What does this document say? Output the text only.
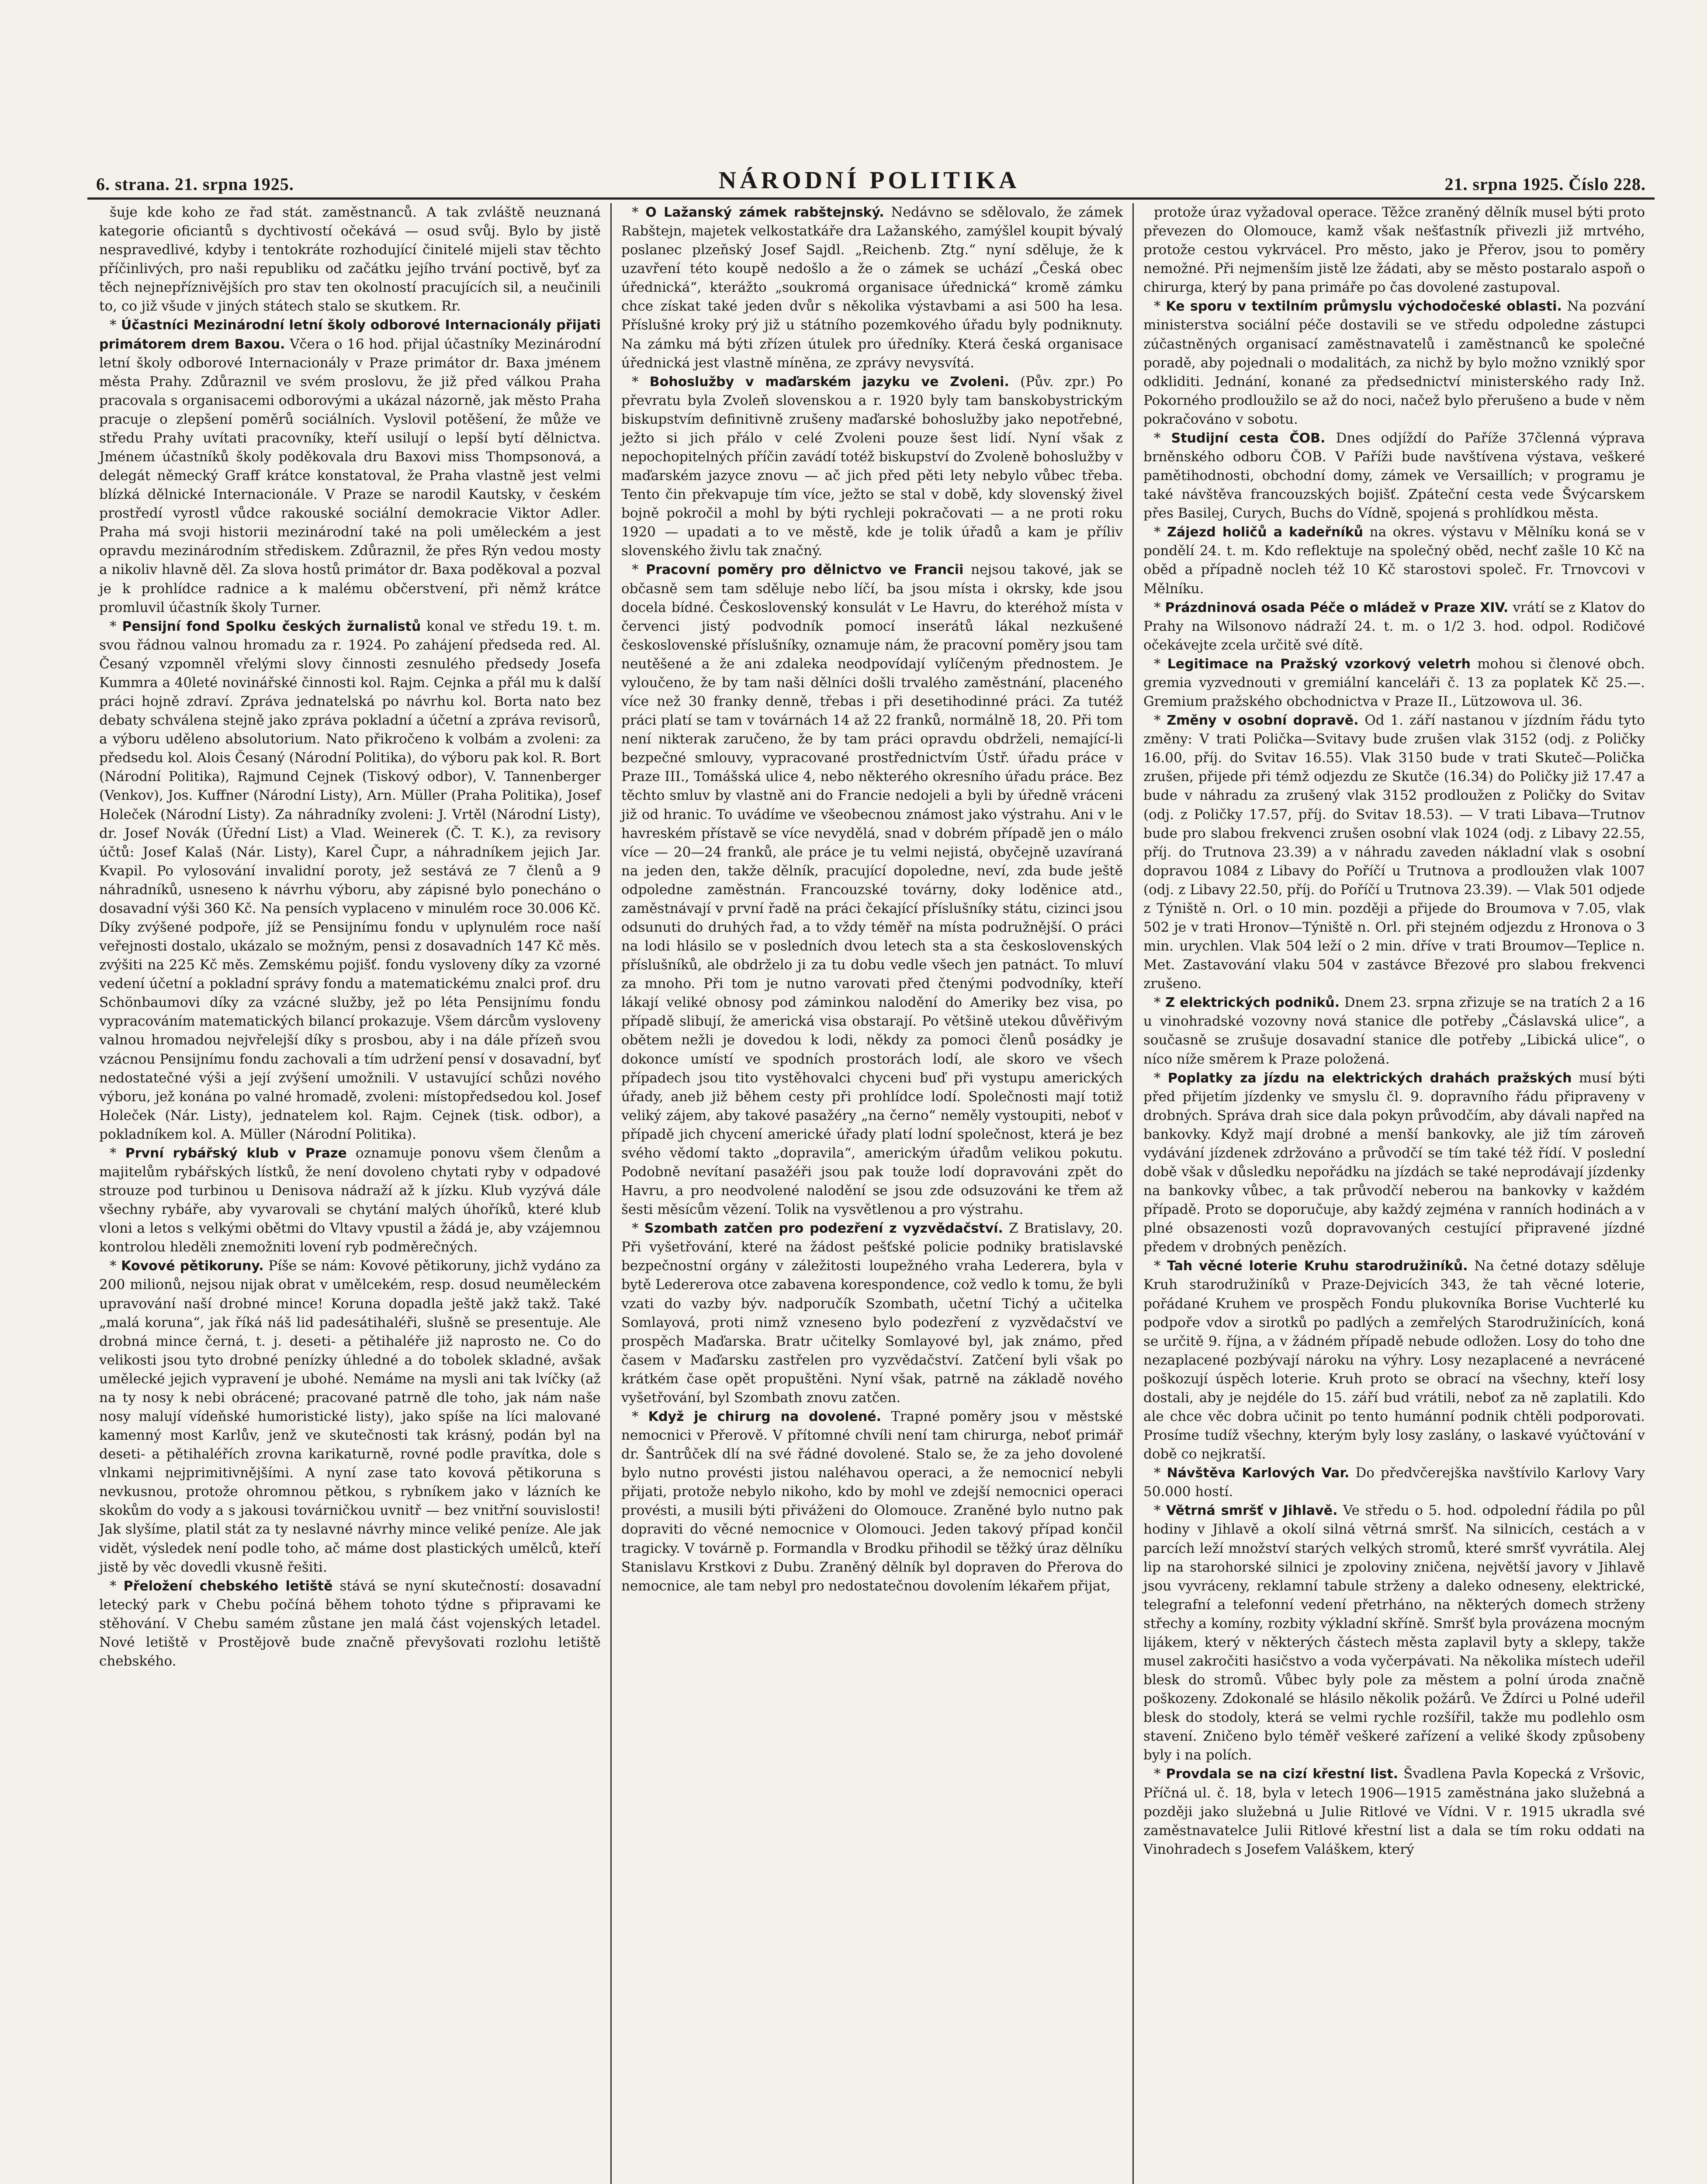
6. strana. 21. srpna 1925.	NÁRODNÍ POLITIKA	21. srpna 1925. Číslo 228.

šuje kde koho ze řad stát. zaměstnanců. A tak zvláště neuznaná kategorie oficiantů s dychtivostí očekává — osud svůj. Bylo by jistě nespravedlivé, kdyby i tentokráte rozhodující činitelé mijeli stav těchto příčinlivých, pro naši republiku od začátku jejího trvání poctivě, byť za těch nejnepříznivějších pro stav ten okolností pracujících sil, a neučinili to, co již všude v jiných státech stalo se skutkem. Rr.

* Účastníci Mezinárodní letní školy odborové Internacionály přijati primátorem drem Baxou. Včera o 16 hod. přijal účastníky Mezinárodní letní školy odborové Internacionály v Praze primátor dr. Baxa jménem města Prahy. Zdůraznil ve svém proslovu, že již před válkou Praha pracovala s organisacemi odborovými a ukázal názorně, jak město Praha pracuje o zlepšení poměrů sociálních. Vyslovil potěšení, že může ve středu Prahy uvítati pracovníky, kteří usilují o lepší bytí dělnictva. Jménem účastníků školy poděkovala dru Baxovi miss Thompsonová, a delegát německý Graff krátce konstatoval, že Praha vlastně jest velmi blízká dělnické Internacionále. V Praze se narodil Kautsky, v českém prostředí vyrostl vůdce rakouské sociální demokracie Viktor Adler. Praha má svoji historii mezinárodní také na poli uměleckém a jest opravdu mezinárodním střediskem. Zdůraznil, že přes Rýn vedou mosty a nikoliv hlavně děl. Za slova hostů primátor dr. Baxa poděkoval a pozval je k prohlídce radnice a k malému občerstvení, při němž krátce promluvil účastník školy Turner.

* Pensijní fond Spolku českých žurnalistů konal ve středu 19. t. m. svou řádnou valnou hromadu za r. 1924. Po zahájení předseda red. Al. Česaný vzpomněl vřelými slovy činnosti zesnulého předsedy Josefa Kummra a 40leté novinářské činnosti kol. Rajm. Cejnka a přál mu k další práci hojně zdraví. Zpráva jednatelská po návrhu kol. Borta nato bez debaty schválena stejně jako zpráva pokladní a účetní a zpráva revisorů, a výboru uděleno absolutorium. Nato přikročeno k volbám a zvoleni: za předsedu kol. Alois Česaný (Národní Politika), do výboru pak kol. R. Bort (Národní Politika), Rajmund Cejnek (Tiskový odbor), V. Tannenberger (Venkov), Jos. Kuffner (Národní Listy), Arn. Müller (Praha Politika), Josef Holeček (Národní Listy). Za náhradníky zvoleni: J. Vrtěl (Národní Listy), dr. Josef Novák (Úřední List) a Vlad. Weinerek (Č. T. K.), za revisory účtů: Josef Kalaš (Nár. Listy), Karel Čupr, a náhradníkem jejich Jar. Kvapil. Po vylosování invalidní poroty, jež sestává ze 7 členů a 9 náhradníků, usneseno k návrhu výboru, aby zápisné bylo ponecháno o dosavadní výši 360 Kč. Na pensích vyplaceno v minulém roce 30.006 Kč. Díky zvýšené podpoře, jíž se Pensijnímu fondu v uplynulém roce naší veřejnosti dostalo, ukázalo se možným, pensi z dosavadních 147 Kč měs. zvýšiti na 225 Kč měs. Zemskému pojišť. fondu vysloveny díky za vzorné vedení účetní a pokladní správy fondu a matematickému znalci prof. dru Schönbaumovi díky za vzácné služby, jež po léta Pensijnímu fondu vypracováním matematických bilancí prokazuje. Všem dárcům vysloveny valnou hromadou nejvřelejší díky s prosbou, aby i na dále přízeň svou vzácnou Pensijnímu fondu zachovali a tím udržení pensí v dosavadní, byť nedostatečné výši a její zvýšení umožnili. V ustavující schůzi nového výboru, jež konána po valné hromadě, zvoleni: místopředsedou kol. Josef Holeček (Nár. Listy), jednatelem kol. Rajm. Cejnek (tisk. odbor), a pokladníkem kol. A. Müller (Národní Politika).

* První rybářský klub v Praze oznamuje ponovu všem členům a majitelům rybářských lístků, že není dovoleno chytati ryby v odpadové strouze pod turbinou u Denisova nádraží až k jízku. Klub vyzývá dále všechny rybáře, aby vyvarovali se chytání malých úhoříků, které klub vloni a letos s velkými obětmi do Vltavy vpustil a žádá je, aby vzájemnou kontrolou hleděli znemožniti lovení ryb podměrečných.

* Kovové pětikoruny. Píše se nám: Kovové pětikoruny, jichž vydáno za 200 milionů, nejsou nijak obrat v umělcekém, resp. dosud neuměleckém upravování naší drobné mince! Koruna dopadla ještě jakž takž. Také „malá koruna“, jak říká náš lid padesátihaléři, slušně se presentuje. Ale drobná mince černá, t. j. deseti- a pětihaléře již naprosto ne. Co do velikosti jsou tyto drobné penízky úhledné a do tobolek skladné, avšak umělecké jejich vypravení je ubohé. Nemáme na mysli ani tak lvíčky (až na ty nosy k nebi obrácené; pracované patrně dle toho, jak nám naše nosy malují vídeňské humoristické listy), jako spíše na líci malované kamenný most Karlův, jenž ve skutečnosti tak krásný, podán byl na deseti- a pětihaléřích zrovna karikaturně, rovné podle pravítka, dole s vlnkami nejprimitivnějšími. A nyní zase tato kovová pětikoruna s nevkusnou, protože ohromnou pětkou, s rybníkem jako v lázních ke skokům do vody a s jakousi továrničkou uvnitř — bez vnitřní souvislosti! Jak slyšíme, platil stát za ty neslavné návrhy mince veliké peníze. Ale jak vidět, výsledek není podle toho, ač máme dost plastických umělců, kteří jistě by věc dovedli vkusně řešiti.

* Přeložení chebského letiště stává se nyní skutečností: dosavadní letecký park v Chebu počíná během tohoto týdne s připravami ke stěhování. V Chebu samém zůstane jen malá část vojenských letadel. Nové letiště v Prostějově bude značně převyšovati rozlohu letiště chebského.

* O Lažanský zámek rabštejnský. Nedávno se sdělovalo, že zámek Rabštejn, majetek velkostatkáře dra Lažanského, zamýšlel koupit bývalý poslanec plzeňský Josef Sajdl. „Reichenb. Ztg.“ nyní sděluje, že k uzavření této koupě nedošlo a že o zámek se uchází „Česká obec úřednická“, kterážto „soukromá organisace úřednická“ kromě zámku chce získat také jeden dvůr s několika výstavbami a asi 500 ha lesa. Příslušné kroky prý již u státního pozemkového úřadu byly podniknuty. Na zámku má býti zřízen útulek pro úředníky. Která česká organisace úřednická jest vlastně míněna, ze zprávy nevysvítá.

* Bohoslužby v maďarském jazyku ve Zvoleni. (Pův. zpr.) Po převratu byla Zvoleň slovenskou a r. 1920 byly tam banskobystrickým biskupstvím definitivně zrušeny maďarské bohoslužby jako nepotřebné, ježto si jich přálo v celé Zvoleni pouze šest lidí. Nyní však z nepochopitelných příčin zavádí totéž biskupství do Zvoleně bohoslužby v maďarském jazyce znovu — ač jich před pěti lety nebylo vůbec třeba. Tento čin překvapuje tím více, ježto se stal v době, kdy slovenský živel bojně pokročil a mohl by býti rychleji pokračovati — a ne proti roku 1920 — upadati a to ve městě, kde je tolik úřadů a kam je příliv slovenského živlu tak značný.

* Pracovní poměry pro dělnictvo ve Francii nejsou takové, jak se občasně sem tam sděluje nebo líčí, ba jsou místa i okrsky, kde jsou docela bídné. Československý konsulát v Le Havru, do kteréhož místa v červenci jistý podvodník pomocí inserátů lákal nezkušené československé příslušníky, oznamuje nám, že pracovní poměry jsou tam neutěšené a že ani zdaleka neodpovídají vylíčeným přednostem. Je vyloučeno, že by tam naši dělníci došli trvalého zaměstnání, placeného více než 30 franky denně, třebas i při desetihodinné práci. Za tutéž práci platí se tam v továrnách 14 až 22 franků, normálně 18, 20. Při tom není nikterak zaručeno, že by tam práci opravdu obdrželi, nemající-li bezpečné smlouvy, vypracované prostřednictvím Ústř. úřadu práce v Praze III., Tomášská ulice 4, nebo některého okresního úřadu práce. Bez těchto smluv by vlastně ani do Francie nedojeli a byli by úředně vráceni již od hranic. To uvádíme ve všeobecnou známost jako výstrahu. Ani v le havreském přístavě se více nevydělá, snad v dobrém případě jen o málo více — 20—24 franků, ale práce je tu velmi nejistá, obyčejně uzavíraná na jeden den, takže dělník, pracující dopoledne, neví, zda bude ještě odpoledne zaměstnán. Francouzské továrny, doky loděnice atd., zaměstnávají v první řadě na práci čekající příslušníky státu, cizinci jsou odsunuti do druhých řad, a to vždy téměř na místa podružnější. O práci na lodi hlásilo se v posledních dvou letech sta a sta československých příslušníků, ale obdrželo ji za tu dobu vedle všech jen patnáct. To mluví za mnoho. Při tom je nutno varovati před čtenými podvodníky, kteří lákají veliké obnosy pod záminkou nalodění do Ameriky bez visa, po případě slibují, že americká visa obstarají. Po většině utekou důvěřivým obětem nežli je dovedou k lodi, někdy za pomoci členů posádky je dokonce umístí ve spodních prostorách lodí, ale skoro ve všech případech jsou tito vystěhovalci chyceni buď při vystupu amerických úřady, aneb již během cesty při prohlídce lodí. Společnosti mají totiž veliký zájem, aby takové pasažéry „na černo“ neměly vystoupiti, neboť v případě jich chycení americké úřady platí lodní společnost, která je bez svého vědomí takto „dopravila“, americkým úřadům velikou pokutu. Podobně nevítaní pasažéři jsou pak touže lodí dopravováni zpět do Havru, a pro neodvolené nalodění se jsou zde odsuzováni ke třem až šesti měsícům vězení. Tolik na vysvětlenou a pro výstrahu.

* Szombath zatčen pro podezření z vyzvědačství. Z Bratislavy, 20. Při vyšetřování, které na žádost pešťské policie podniky bratislavské bezpečnostní orgány v záležitosti loupežného vraha Lederera, byla v bytě Ledererova otce zabavena korespondence, což vedlo k tomu, že byli vzati do vazby býv. nadporučík Szombath, učetní Tichý a učitelka Somlayová, proti nimž vzneseno bylo podezření z vyzvědačství ve prospěch Maďarska. Bratr učitelky Somlayové byl, jak známo, před časem v Maďarsku zastřelen pro vyzvědačství. Zatčení byli však po krátkém čase opět propuštěni. Nyní však, patrně na základě nového vyšetřování, byl Szombath znovu zatčen.

* Když je chirurg na dovolené. Trapné poměry jsou v městské nemocnici v Přerově. V přítomné chvíli není tam chirurga, neboť primář dr. Šantrůček dlí na své řádné dovolené. Stalo se, že za jeho dovolené bylo nutno provésti jistou naléhavou operaci, a že nemocnicí nebyli přijati, protože nebylo nikoho, kdo by mohl ve zdejší nemocnici operaci provésti, a musili býti přiváženi do Olomouce. Zraněné bylo nutno pak dopraviti do věcné nemocnice v Olomouci. Jeden takový případ končil tragicky. V továrně p. Formandla v Brodku přihodil se těžký úraz dělníku Stanislavu Krstkovi z Dubu. Zraněný dělník byl dopraven do Přerova do nemocnice, ale tam nebyl pro nedostatečnou dovolením lékařem přijat,

protože úraz vyžadoval operace. Těžce zraněný dělník musel býti proto převezen do Olomouce, kamž však nešťastník přivezli již mrtvého, protože cestou vykrvácel. Pro město, jako je Přerov, jsou to poměry nemožné. Při nejmenším jistě lze žádati, aby se město postaralo aspoň o chirurga, který by pana primáře po čas dovolené zastupoval.

* Ke sporu v textilním průmyslu východočeské oblasti. Na pozvání ministerstva sociální péče dostavili se ve středu odpoledne zástupci zúčastněných organisací zaměstnavatelů i zaměstnanců ke společné poradě, aby pojednali o modalitách, za nichž by bylo možno vzniklý spor odkliditi. Jednání, konané za předsednictví ministerského rady Inž. Pokorného prodloužilo se až do noci, načež bylo přerušeno a bude v něm pokračováno v sobotu.

* Studijní cesta ČOB. Dnes odjíždí do Paříže 37členná výprava brněnského odboru ČOB. V Paříži bude navštívena výstava, veškeré pamětihodnosti, obchodní domy, zámek ve Versaillích; v programu je také návštěva francouzských bojišť. Zpáteční cesta vede Švýcarskem přes Basilej, Curych, Buchs do Vídně, spojená s prohlídkou města.

* Zájezd holičů a kadeřníků na okres. výstavu v Mělníku koná se v pondělí 24. t. m. Kdo reflektuje na společný oběd, nechť zašle 10 Kč na oběd a případně nocleh též 10 Kč starostovi společ. Fr. Trnovcovi v Mělníku.

* Prázdninová osada Péče o mládež v Praze XIV. vrátí se z Klatov do Prahy na Wilsonovo nádraží 24. t. m. o 1/2 3. hod. odpol. Rodičové očekávejte zcela určitě své dítě.

* Legitimace na Pražský vzorkový veletrh mohou si členové obch. gremia vyzvednouti v gremiální kanceláři č. 13 za poplatek Kč 25.—. Gremium pražského obchodnictva v Praze II., Lützowova ul. 36.

* Změny v osobní dopravě. Od 1. září nastanou v jízdním řádu tyto změny: V trati Polička—Svitavy bude zrušen vlak 3152 (odj. z Poličky 16.00, příj. do Svitav 16.55). Vlak 3150 bude v trati Skuteč—Polička zrušen, přijede při témž odjezdu ze Skutče (16.34) do Poličky již 17.47 a bude v náhradu za zrušený vlak 3152 prodloužen z Poličky do Svitav (odj. z Poličky 17.57, příj. do Svitav 18.53). — V trati Libava—Trutnov bude pro slabou frekvenci zrušen osobní vlak 1024 (odj. z Libavy 22.55, příj. do Trutnova 23.39) a v náhradu zaveden nákladní vlak s osobní dopravou 1084 z Libavy do Poříčí u Trutnova a prodloužen vlak 1007 (odj. z Libavy 22.50, příj. do Poříčí u Trutnova 23.39). — Vlak 501 odjede z Týniště n. Orl. o 10 min. později a přijede do Broumova v 7.05, vlak 502 je v trati Hronov—Týniště n. Orl. při stejném odjezdu z Hronova o 3 min. urychlen. Vlak 504 leží o 2 min. dříve v trati Broumov—Teplice n. Met. Zastavování vlaku 504 v zastávce Březové pro slabou frekvenci zrušeno.

* Z elektrických podniků. Dnem 23. srpna zřizuje se na tratích 2 a 16 u vinohradské vozovny nová stanice dle potřeby „Čáslavská ulice“, a současně se zrušuje dosavadní stanice dle potřeby „Libická ulice“, o níco níže směrem k Praze položená.

* Poplatky za jízdu na elektrických drahách pražských musí býti před přijetím jízdenky ve smyslu čl. 9. dopravního řádu připraveny v drobných. Správa drah sice dala pokyn průvodčím, aby dávali napřed na bankovky. Když mají drobné a menší bankovky, ale již tím zároveň vydávání jízdenek zdržováno a průvodčí se tím také též řídí. V poslední době však v důsledku nepořádku na jízdách se také neprodávají jízdenky na bankovky vůbec, a tak průvodčí neberou na bankovky v každém případě. Proto se doporučuje, aby každý zejména v ranních hodinách a v plné obsazenosti vozů dopravovaných cestující připravené jízdné předem v drobných penězích.

* Tah věcné loterie Kruhu starodružiníků. Na četné dotazy sděluje Kruh starodružiníků v Praze-Dejvicích 343, že tah věcné loterie, pořádané Kruhem ve prospěch Fondu plukovníka Borise Vuchterlé ku podpoře vdov a sirotků po padlých a zemřelých Starodružinících, koná se určitě 9. října, a v žádném případě nebude odložen. Losy do toho dne nezaplacené pozbývají nároku na výhry. Losy nezaplacené a nevrácené poškozují úspěch loterie. Kruh proto se obrací na všechny, kteří losy dostali, aby je nejdéle do 15. září bud vrátili, neboť za ně zaplatili. Kdo ale chce věc dobra učinit po tento humánní podnik chtěli podporovati. Prosíme tudíž všechny, kterým byly losy zaslány, o laskavé vyúčtování v době co nejkratší.

* Návštěva Karlových Var. Do předvčerejška navštívilo Karlovy Vary 50.000 hostí.

* Větrná smršť v Jihlavě. Ve středu o 5. hod. odpolední řádila po půl hodiny v Jihlavě a okolí silná větrná smršť. Na silnicích, cestách a v parcích leží množství starých velkých stromů, které smršť vyvrátila. Alej lip na starohorské silnici je zpoloviny zničena, největší javory v Jihlavě jsou vyvráceny, reklamní tabule strženy a daleko odneseny, elektrické, telegrafní a telefonní vedení přetrháno, na některých domech strženy střechy a komíny, rozbity výkladní skříně. Smršť byla provázena mocným lijákem, který v některých částech města zaplavil byty a sklepy, takže musel zakročiti hasičstvo a voda vyčerpávati. Na několika místech udeřil blesk do stromů. Vůbec byly pole za městem a polní úroda značně poškozeny. Zdokonalé se hlásilo několik požárů. Ve Ždírci u Polné udeřil blesk do stodoly, která se velmi rychle rozšířil, takže mu podlehlo osm stavení. Zničeno bylo téměř veškeré zařízení a veliké škody způsobeny byly i na polích.

* Provdala se na cizí křestní list. Švadlena Pavla Kopecká z Vršovic, Příčná ul. č. 18, byla v letech 1906—1915 zaměstnána jako služebná a později jako služebná u Julie Ritlové ve Vídni. V r. 1915 ukradla své zaměstnavatelce Julii Ritlové křestní list a dala se tím roku oddati na Vinohradech s Josefem Valáškem, který
